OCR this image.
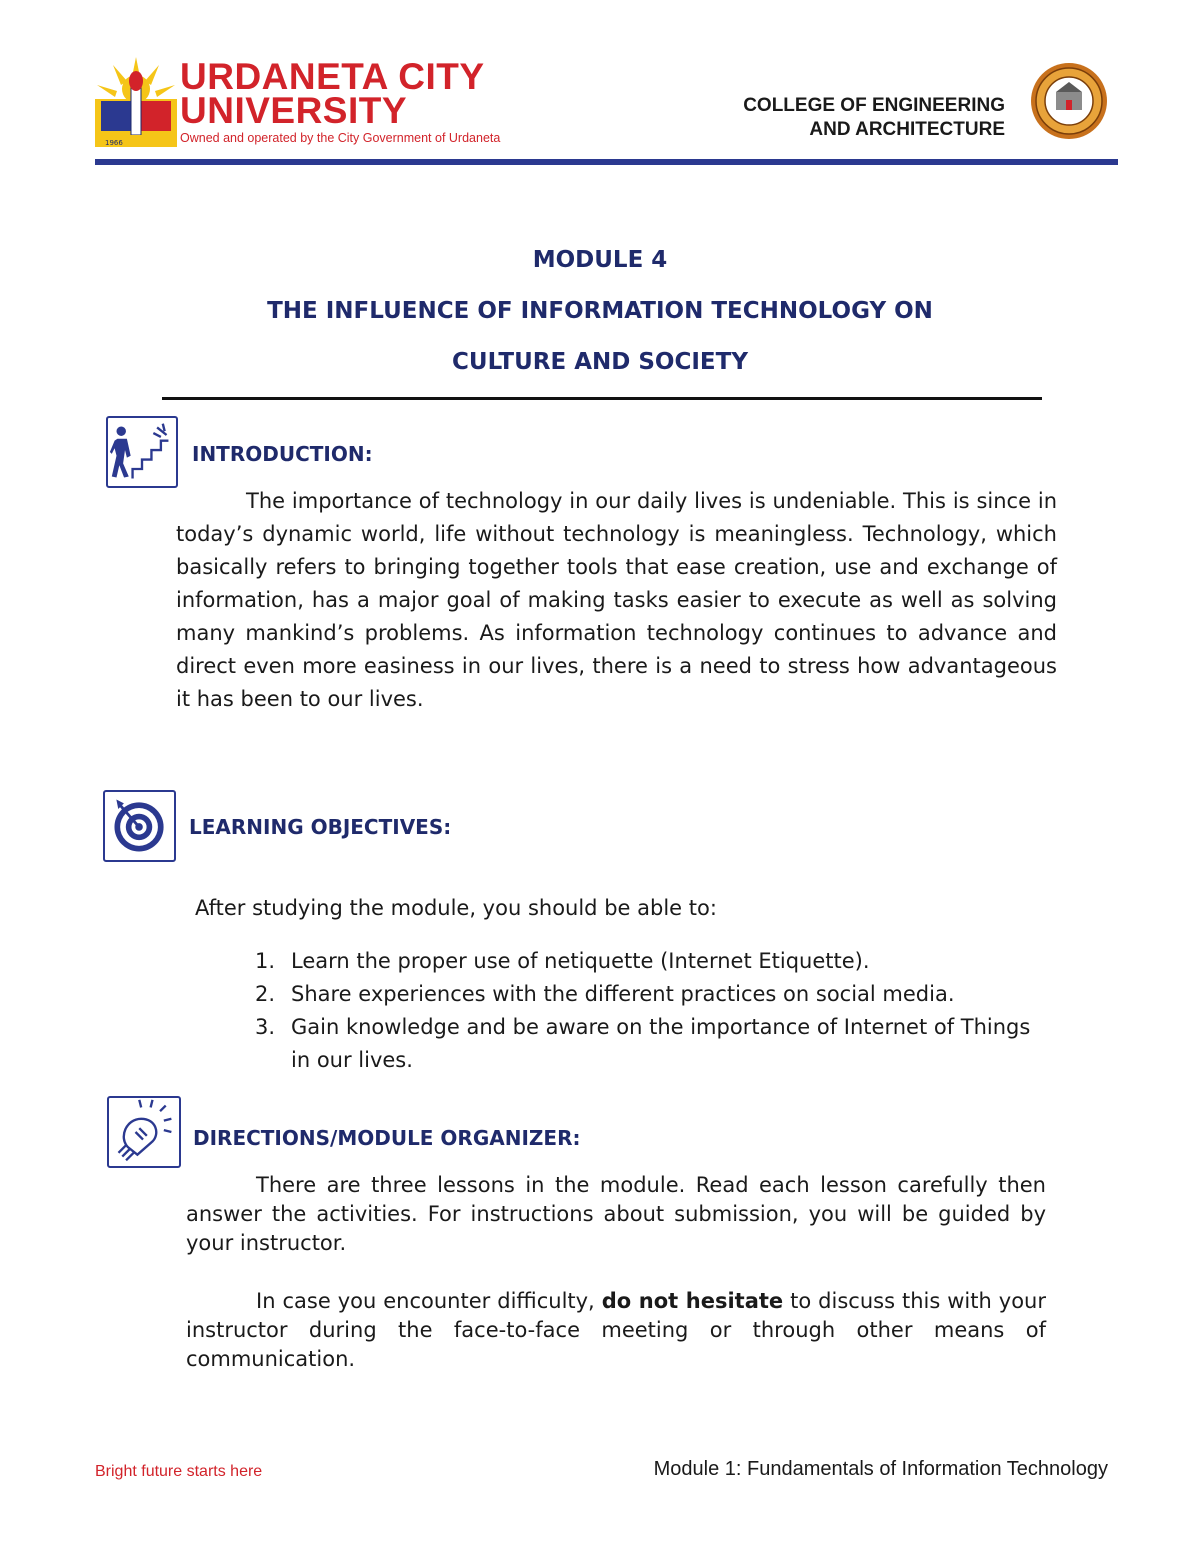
1966
URDANETA CITY
UNIVERSITY
Owned and operated by the City Government of Urdaneta
COLLEGE OF ENGINEERING
AND ARCHITECTURE
MODULE 4
THE INFLUENCE OF INFORMATION TECHNOLOGY ON
CULTURE AND SOCIETY
INTRODUCTION:
The importance of technology in our daily lives is undeniable. This is since in today’s dynamic world, life without technology is meaningless. Technology, which basically refers to bringing together tools that ease creation, use and exchange of information, has a major goal of making tasks easier to execute as well as solving many mankind’s problems. As information technology continues to advance and direct even more easiness in our lives, there is a need to stress how advantageous it has been to our lives.
LEARNING OBJECTIVES:
After studying the module, you should be able to:
1. Learn the proper use of netiquette (Internet Etiquette).
2. Share experiences with the different practices on social media.
3. Gain knowledge and be aware on the importance of Internet of Things in our lives.
DIRECTIONS/MODULE ORGANIZER:
There are three lessons in the module. Read each lesson carefully then answer the activities. For instructions about submission, you will be guided by your instructor.
In case you encounter difficulty, do not hesitate to discuss this with your instructor during the face-to-face meeting or through other means of communication.
Bright future starts here	Module 1: Fundamentals of Information Technology
